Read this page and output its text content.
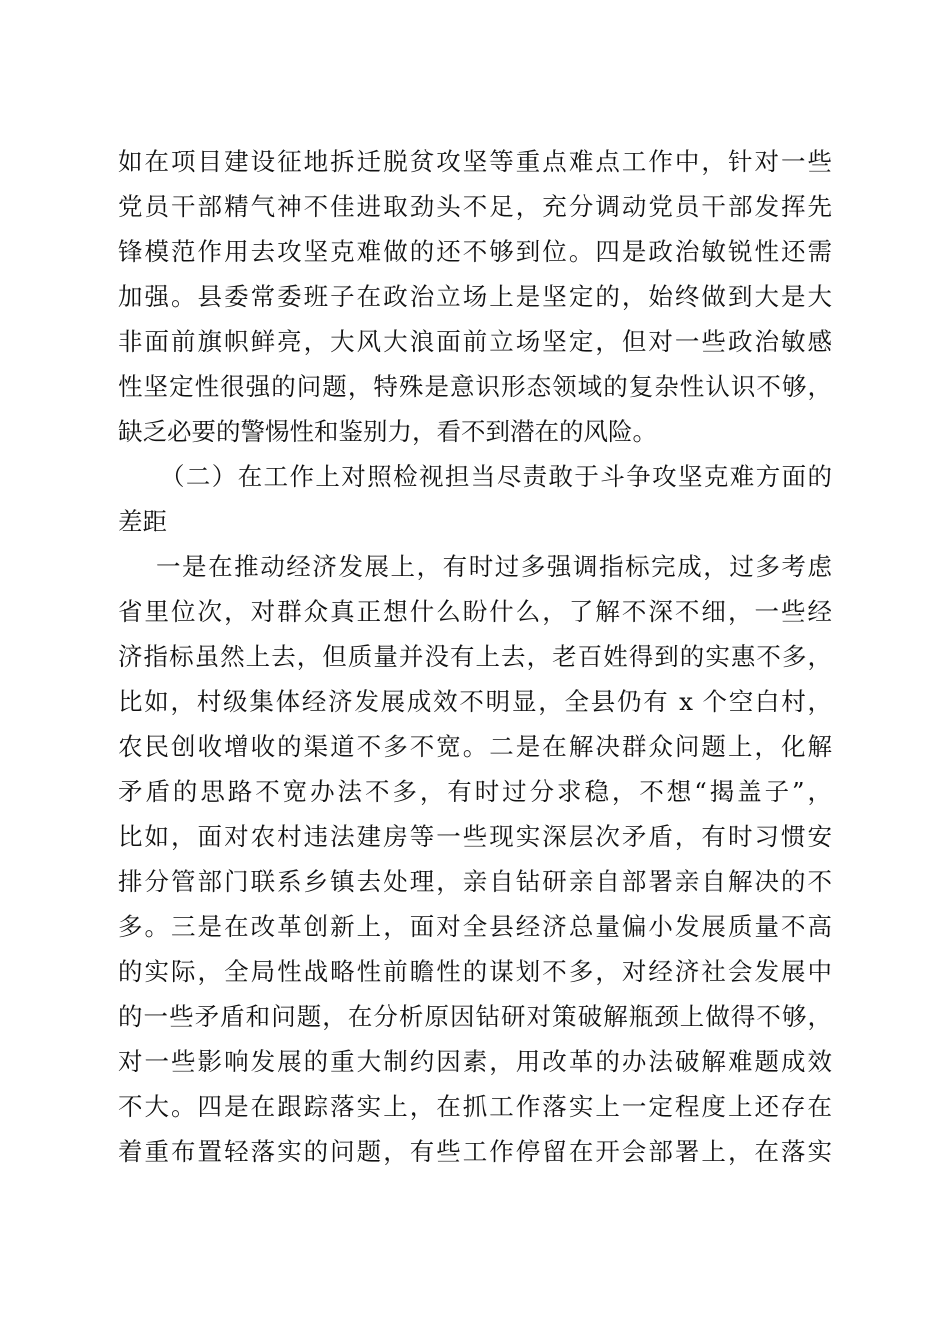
如在项目建设征地拆迁脱贫攻坚等重点难点工作中，针对一些
党员干部精气神不佳进取劲头不足，充分调动党员干部发挥先
锋模范作用去攻坚克难做的还不够到位。四是政治敏锐性还需
加强。县委常委班子在政治立场上是坚定的，始终做到大是大
非面前旗帜鲜亮，大风大浪面前立场坚定，但对一些政治敏感
性坚定性很强的问题，特殊是意识形态领域的复杂性认识不够，
缺乏必要的警惕性和鉴别力，看不到潜在的风险。
（二）在工作上对照检视担当尽责敢于斗争攻坚克难方面的
差距
一是在推动经济发展上，有时过多强调指标完成，过多考虑
省里位次，对群众真正想什么盼什么，了解不深不细，一些经
济指标虽然上去，但质量并没有上去，老百姓得到的实惠不多，
比如，村级集体经济发展成效不明显，全县仍有 x 个空白村，
农民创收增收的渠道不多不宽。二是在解决群众问题上，化解
矛盾的思路不宽办法不多，有时过分求稳，不想“揭盖子”，
比如，面对农村违法建房等一些现实深层次矛盾，有时习惯安
排分管部门联系乡镇去处理，亲自钻研亲自部署亲自解决的不
多。三是在改革创新上，面对全县经济总量偏小发展质量不高
的实际，全局性战略性前瞻性的谋划不多，对经济社会发展中
的一些矛盾和问题，在分析原因钻研对策破解瓶颈上做得不够，
对一些影响发展的重大制约因素，用改革的办法破解难题成效
不大。四是在跟踪落实上，在抓工作落实上一定程度上还存在
着重布置轻落实的问题，有些工作停留在开会部署上，在落实
